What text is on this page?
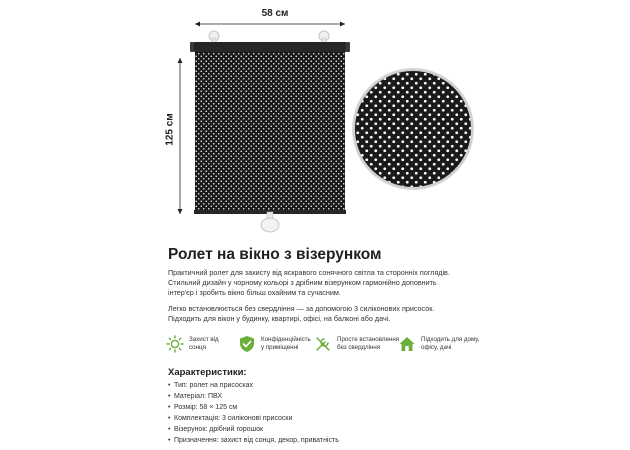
58 см
125 см
Ролет на вікно з візерунком
Практичний ролет для захисту від яскравого сонячного світла та сторонніх поглядів.
Стильний дизайн у чорному кольорі з дрібним візерунком гармонійно доповнить
інтер'єр і зробить вікно більш охайним та сучасним.
Легко встановлюється без свердління — за допомогою 3 силіконових присосок.
Підходить для вікон у будинку, квартирі, офісі, на балконі або дачі.
Захист від
сонця
Конфіденційність
у приміщенні
Просте встановлення
без свердління
Підходить для дому,
офісу, дачі
Характеристики:
• Тип: ролет на присосках
• Матеріал: ПВХ
• Розмір: 58 × 125 см
• Комплектація: 3 силіконові присоски
• Візерунок: дрібний горошок
• Призначення: захист від сонця, декор, приватність
